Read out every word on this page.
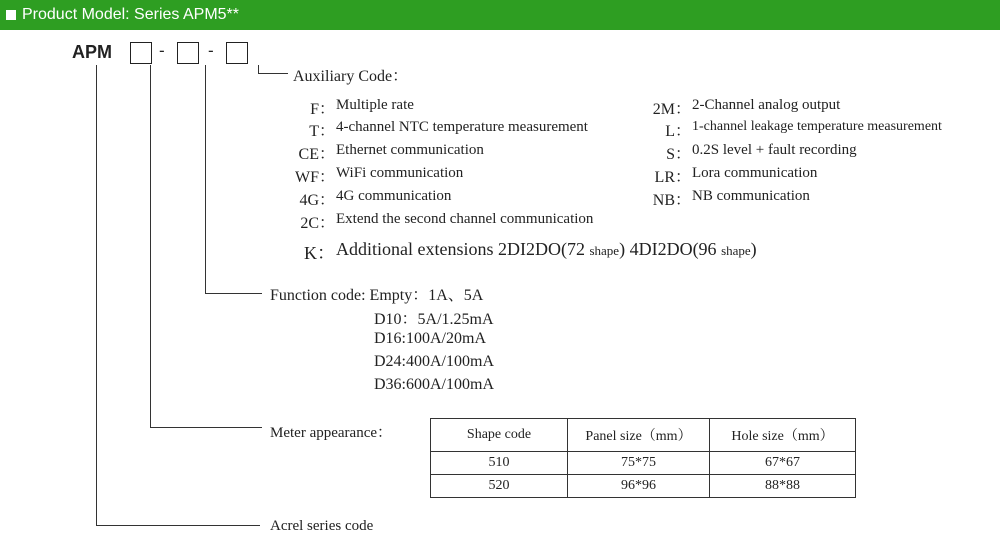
Product Model: Series APM5**
APM	-	-
Auxiliary Code：
F： Multiple rate
T： 4-channel NTC temperature measurement
CE： Ethernet communication
WF： WiFi communication
4G： 4G communication
2C： Extend the second channel communication
2M： 2-Channel analog output
L： 1-channel leakage temperature measurement
S： 0.2S level + fault recording
LR： Lora communication
NB： NB communication
K： Additional extensions 2DI2DO(72 shape) 4DI2DO(96 shape)
Function code: Empty：1A、5A
D10：5A/1.25mA
D16:100A/20mA
D24:400A/100mA
D36:600A/100mA
Meter appearance：	Shape code	Panel size（mm）	Hole size（mm）
510	75*75	67*67
520	96*96	88*88
Acrel series code
